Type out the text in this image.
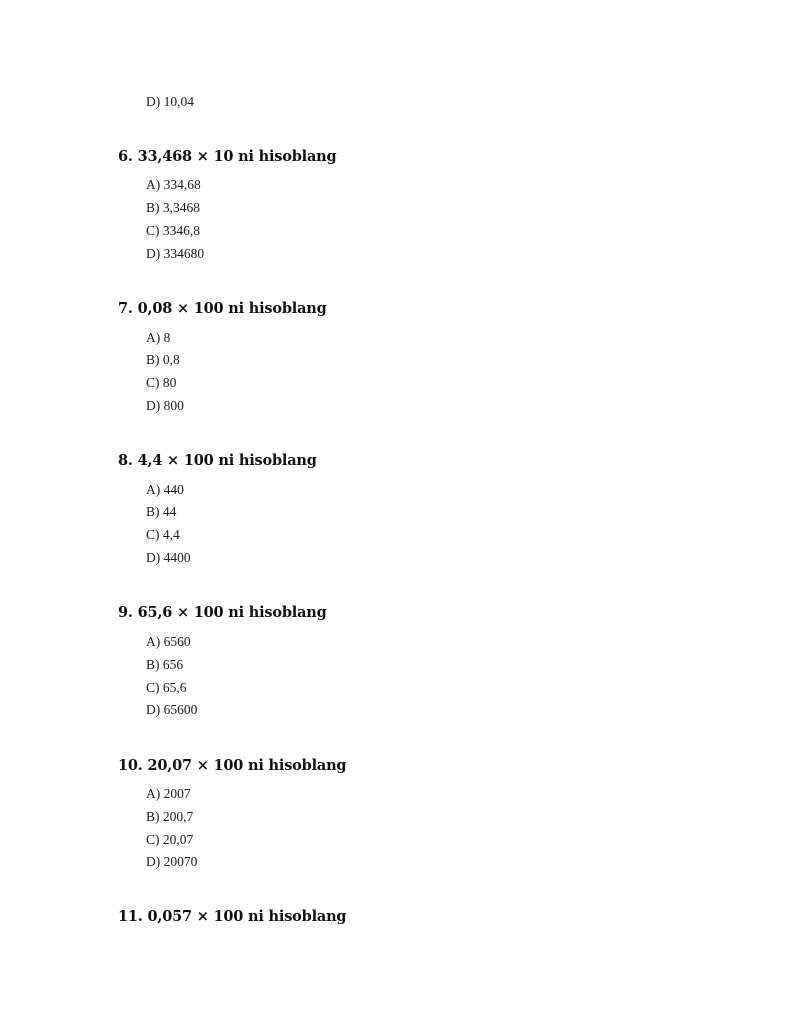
D) 10,04
6. 33,468 × 10 ni hisoblang
A) 334,68
B) 3,3468
C) 3346,8
D) 334680
7. 0,08 × 100 ni hisoblang
A) 8
B) 0,8
C) 80
D) 800
8. 4,4 × 100 ni hisoblang
A) 440
B) 44
C) 4,4
D) 4400
9. 65,6 × 100 ni hisoblang
A) 6560
B) 656
C) 65,6
D) 65600
10. 20,07 × 100 ni hisoblang
A) 2007
B) 200,7
C) 20,07
D) 20070
11. 0,057 × 100 ni hisoblang
